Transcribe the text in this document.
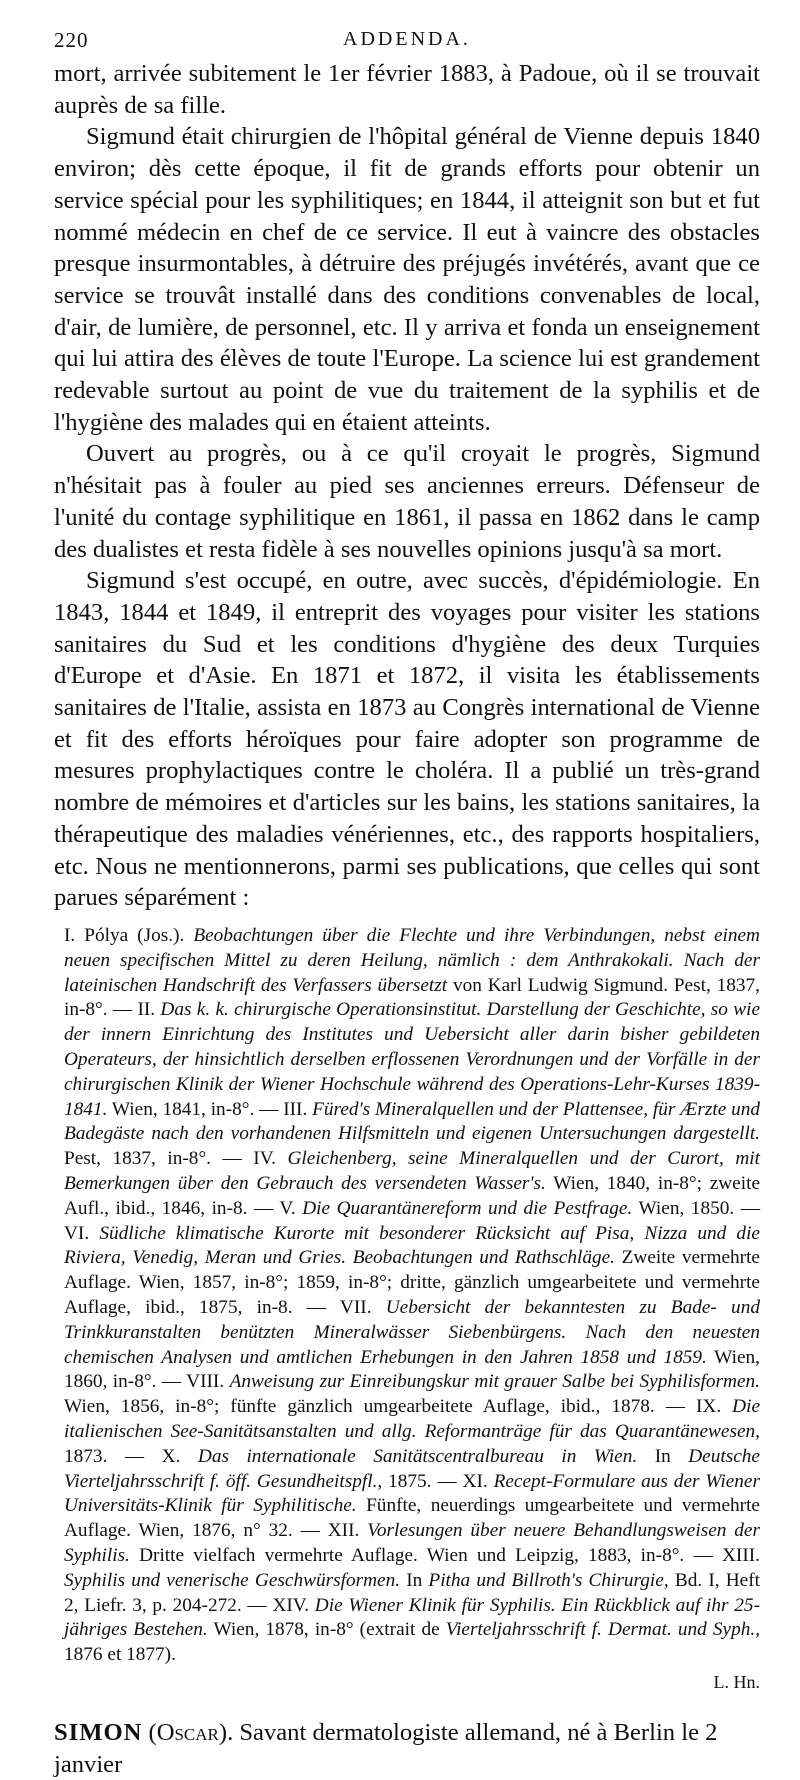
220	ADDENDA.

mort, arrivée subitement le 1er février 1883, à Padoue, où il se trouvait auprès de sa fille.

Sigmund était chirurgien de l'hôpital général de Vienne depuis 1840 environ; dès cette époque, il fit de grands efforts pour obtenir un service spécial pour les syphilitiques; en 1844, il atteignit son but et fut nommé médecin en chef de ce service. Il eut à vaincre des obstacles presque insurmontables, à détruire des préjugés invétérés, avant que ce service se trouvât installé dans des conditions convenables de local, d'air, de lumière, de personnel, etc. Il y arriva et fonda un enseignement qui lui attira des élèves de toute l'Europe. La science lui est grandement redevable surtout au point de vue du traitement de la syphilis et de l'hygiène des malades qui en étaient atteints.

Ouvert au progrès, ou à ce qu'il croyait le progrès, Sigmund n'hésitait pas à fouler au pied ses anciennes erreurs. Défenseur de l'unité du contage syphilitique en 1861, il passa en 1862 dans le camp des dualistes et resta fidèle à ses nouvelles opinions jusqu'à sa mort.

Sigmund s'est occupé, en outre, avec succès, d'épidémiologie. En 1843, 1844 et 1849, il entreprit des voyages pour visiter les stations sanitaires du Sud et les conditions d'hygiène des deux Turquies d'Europe et d'Asie. En 1871 et 1872, il visita les établissements sanitaires de l'Italie, assista en 1873 au Congrès international de Vienne et fit des efforts héroïques pour faire adopter son programme de mesures prophylactiques contre le choléra. Il a publié un très-grand nombre de mémoires et d'articles sur les bains, les stations sanitaires, la thérapeutique des maladies vénériennes, etc., des rapports hospitaliers, etc. Nous ne mentionnerons, parmi ses publications, que celles qui sont parues séparément :

I. Pólya (Jos.). Beobachtungen über die Flechte und ihre Verbindungen, nebst einem neuen specifischen Mittel zu deren Heilung, nämlich : dem Anthrakokali. Nach der lateinischen Handschrift des Verfassers übersetzt von Karl Ludwig Sigmund. Pest, 1837, in-8°. — II. Das k. k. chirurgische Operationsinstitut. Darstellung der Geschichte, so wie der innern Einrichtung des Institutes und Uebersicht aller darin bisher gebildeten Operateurs, der hinsichtlich derselben erflossenen Verordnungen und der Vorfälle in der chirurgischen Klinik der Wiener Hochschule während des Operations-Lehr-Kurses 1839-1841. Wien, 1841, in-8°. — III. Füred's Mineralquellen und der Plattensee, für Ærzte und Badegäste nach den vorhandenen Hilfsmitteln und eigenen Untersuchungen dargestellt. Pest, 1837, in-8°. — IV. Gleichenberg, seine Mineralquellen und der Curort, mit Bemerkungen über den Gebrauch des versendeten Wasser's. Wien, 1840, in-8°; zweite Aufl., ibid., 1846, in-8. — V. Die Quarantänereform und die Pestfrage. Wien, 1850. — VI. Südliche klimatische Kurorte mit besonderer Rücksicht auf Pisa, Nizza und die Riviera, Venedig, Meran und Gries. Beobachtungen und Rathschläge. Zweite vermehrte Auflage. Wien, 1857, in-8°; 1859, in-8°; dritte, gänzlich umgearbeitete und vermehrte Auflage, ibid., 1875, in-8. — VII. Uebersicht der bekanntesten zu Bade- und Trinkkuranstalten benützten Mineralwässer Siebenbürgens. Nach den neuesten chemischen Analysen und amtlichen Erhebungen in den Jahren 1858 und 1859. Wien, 1860, in-8°. — VIII. Anweisung zur Einreibungskur mit grauer Salbe bei Syphilisformen. Wien, 1856, in-8°; fünfte gänzlich umgearbeitete Auflage, ibid., 1878. — IX. Die italienischen See-Sanitätsanstalten und allg. Reformanträge für das Quarantänewesen, 1873. — X. Das internationale Sanitätscentralbureau in Wien. In Deutsche Vierteljahrsschrift f. öff. Gesundheitspfl., 1875. — XI. Recept-Formulare aus der Wiener Universitäts-Klinik für Syphilitische. Fünfte, neuerdings umgearbeitete und vermehrte Auflage. Wien, 1876, n° 32. — XII. Vorlesungen über neuere Behandlungsweisen der Syphilis. Dritte vielfach vermehrte Auflage. Wien und Leipzig, 1883, in-8°. — XIII. Syphilis und venerische Geschwürsformen. In Pitha und Billroth's Chirurgie, Bd. I, Heft 2, Liefr. 3, p. 204-272. — XIV. Die Wiener Klinik für Syphilis. Ein Rückblick auf ihr 25-jähriges Bestehen. Wien, 1878, in-8° (extrait de Vierteljahrsschrift f. Dermat. und Syph., 1876 et 1877).
L. Hn.
SIMON (Oscar). Savant dermatologiste allemand, né à Berlin le 2 janvier
